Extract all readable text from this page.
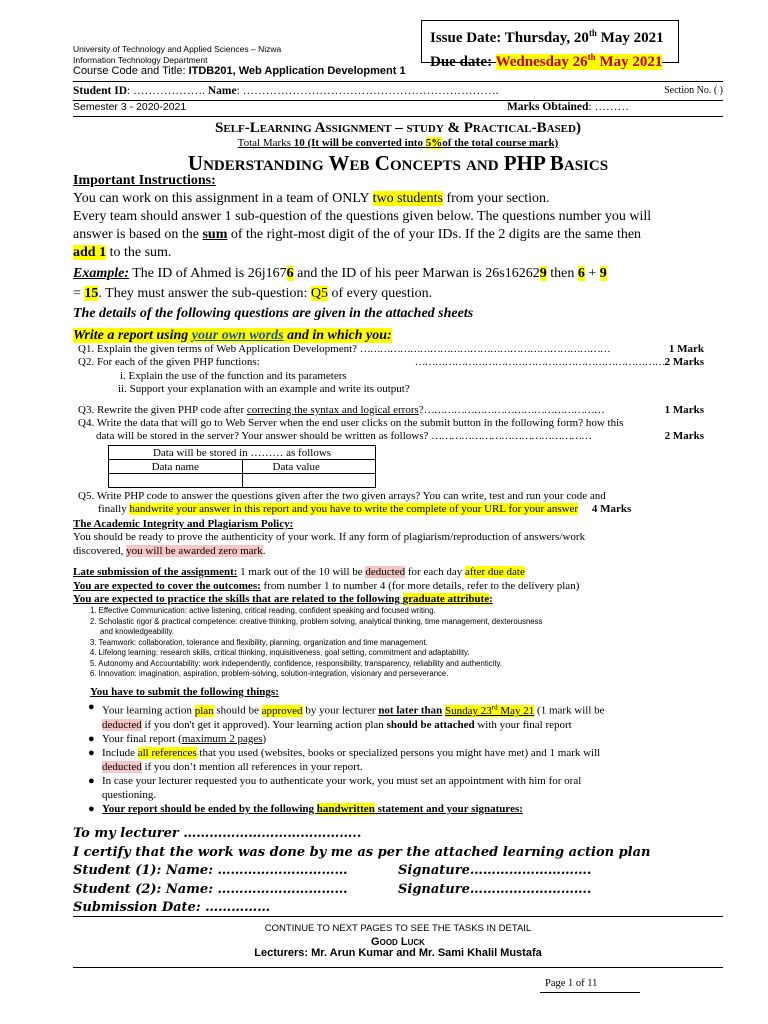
Issue Date: Thursday, 20th May 2021
Due date: Wednesday 26th May 2021
University of Technology and Applied Sciences – Nizwa
Information Technology Department
Course Code and Title: ITDB201, Web Application Development 1
Student ID: ………………. Name: ………………………………………………………….	Section No. ( )
Semester 3 - 2020-2021	Marks Obtained: ………
Self-Learning Assignment – study & Practical-Based)
Total Marks 10 (It will be converted into 5%of the total course mark)
Understanding Web Concepts and PHP Basics
Important Instructions:
You can work on this assignment in a team of ONLY two students from your section.
Every team should answer 1 sub-question of the questions given below. The questions number you will
answer is based on the sum of the right-most digit of the of your IDs. If the 2 digits are the same then
add 1 to the sum.
Example: The ID of Ahmed is 26j1676 and the ID of his peer Marwan is 26s162629 then 6 + 9
= 15. They must answer the sub-question: Q5 of every question.
The details of the following questions are given in the attached sheets
Write a report using your own words and in which you:
Q1. Explain the given terms of Web Application Development? …………………………………………………………………	1 Mark
Q2. For each of the given PHP functions:	…………………………………………………………………2 Marks
i. Explain the use of the function and its parameters
ii. Support your explanation with an example and write its output?
Q3. Rewrite the given PHP code after correcting the syntax and logical errors?………………………………………………	1 Marks
Q4. Write the data that will go to Web Server when the end user clicks on the submit button in the following form? how this
data will be stored in the server? Your answer should be written as follows? …………………………………………	2 Marks
Data will be stored in ……… as follows	
Data name	Data value

Q5. Write PHP code to answer the questions given after the two given arrays? You can write, test and run your code and
finally handwrite your answer in this report and you have to write the complete of your URL for your answer 4 Marks
The Academic Integrity and Plagiarism Policy:
You should be ready to prove the authenticity of your work. If any form of plagiarism/reproduction of answers/work
discovered, you will be awarded zero mark.
Late submission of the assignment: 1 mark out of the 10 will be deducted for each day after due date
You are expected to cover the outcomes: from number 1 to number 4 (for more details, refer to the delivery plan)
You are expected to practice the skills that are related to the following graduate attribute:
1. Effective Communication: active listening, critical reading, confident speaking and focused writing.
2. Scholastic rigor & practical competence: creative thinking, problem solving, analytical thinking, time management, dexterousness
and knowledgeability.
3. Teamwork: collaboration, tolerance and flexibility, planning, organization and time management.
4. Lifelong learning: research skills, critical thinking, inquisitiveness, goal setting, commitment and adaptability.
5. Autonomy and Accountability: work independently, confidence, responsibility, transparency, reliability and authenticity.
6. Innovation: imagination, aspiration, problem-solving, solution-integration, visionary and perseverance.
You have to submit the following things:
● Your learning action plan should be approved by your lecturer not later than Sunday 23rd May 21 (1 mark will be
deducted if you don't get it approved). Your learning action plan should be attached with your final report
● Your final report (maximum 2 pages)
● Include all references that you used (websites, books or specialized persons you might have met) and 1 mark will
deducted if you don’t mention all references in your report.
● In case your lecturer requested you to authenticate your work, you must set an appointment with him for oral
questioning.
● Your report should be ended by the following handwritten statement and your signatures:
To my lecturer …………………………………..
I certify that the work was done by me as per the attached learning action plan
Student (1): Name: …………………………	Signature……………………….
Student (2): Name: …………………………	Signature……………………….
Submission Date: ……………
CONTINUE TO NEXT PAGES TO SEE THE TASKS IN DETAIL
Good Luck
Lecturers: Mr. Arun Kumar and Mr. Sami Khalil Mustafa
Page 1 of 11
